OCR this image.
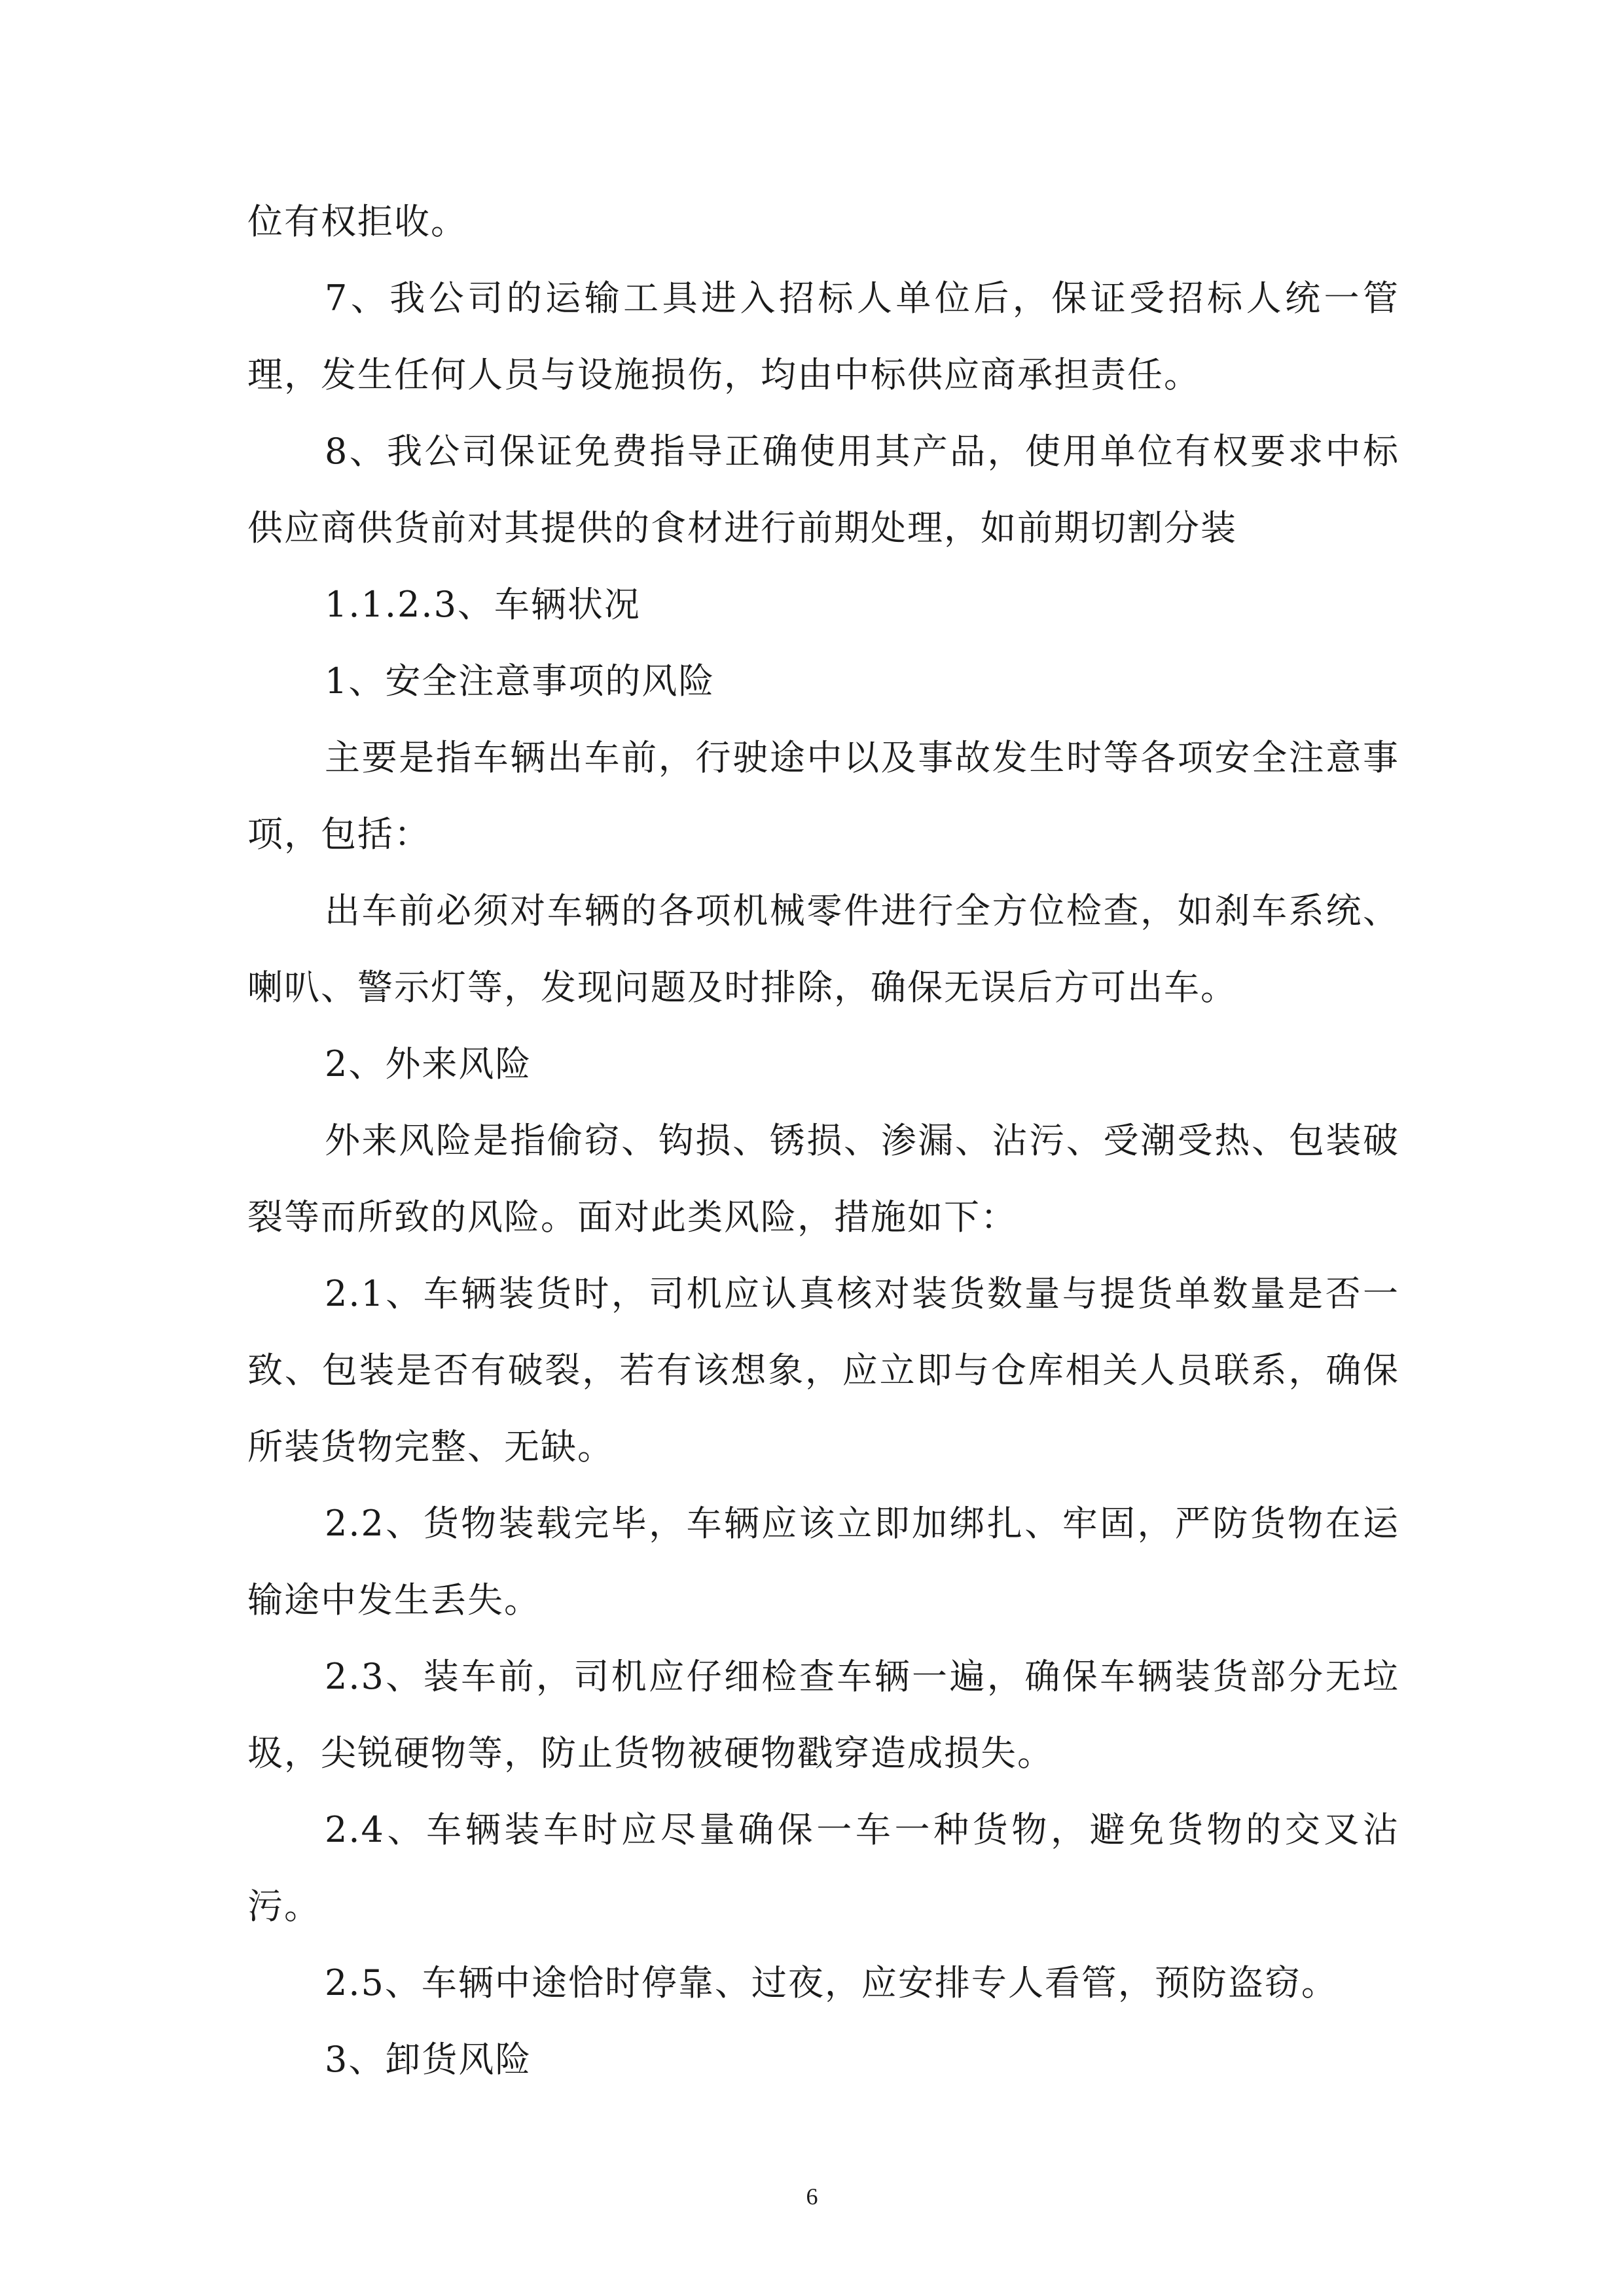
位有权拒收。

7、我公司的运输工具进入招标人单位后，保证受招标人统一管理，发生任何人员与设施损伤，均由中标供应商承担责任。

8、我公司保证免费指导正确使用其产品，使用单位有权要求中标供应商供货前对其提供的食材进行前期处理，如前期切割分装

1.1.2.3、车辆状况

1、安全注意事项的风险

主要是指车辆出车前，行驶途中以及事故发生时等各项安全注意事项，包括：

出车前必须对车辆的各项机械零件进行全方位检查，如刹车系统、喇叭、警示灯等，发现问题及时排除，确保无误后方可出车。

2、外来风险

外来风险是指偷窃、钩损、锈损、渗漏、沾污、受潮受热、包装破裂等而所致的风险。面对此类风险，措施如下：

2.1、车辆装货时，司机应认真核对装货数量与提货单数量是否一致、包装是否有破裂，若有该想象，应立即与仓库相关人员联系，确保所装货物完整、无缺。

2.2、货物装载完毕，车辆应该立即加绑扎、牢固，严防货物在运输途中发生丢失。

2.3、装车前，司机应仔细检查车辆一遍，确保车辆装货部分无垃圾，尖锐硬物等，防止货物被硬物戳穿造成损失。

2.4、车辆装车时应尽量确保一车一种货物，避免货物的交叉沾污。

2.5、车辆中途恰时停靠、过夜，应安排专人看管，预防盗窃。

3、卸货风险

6
